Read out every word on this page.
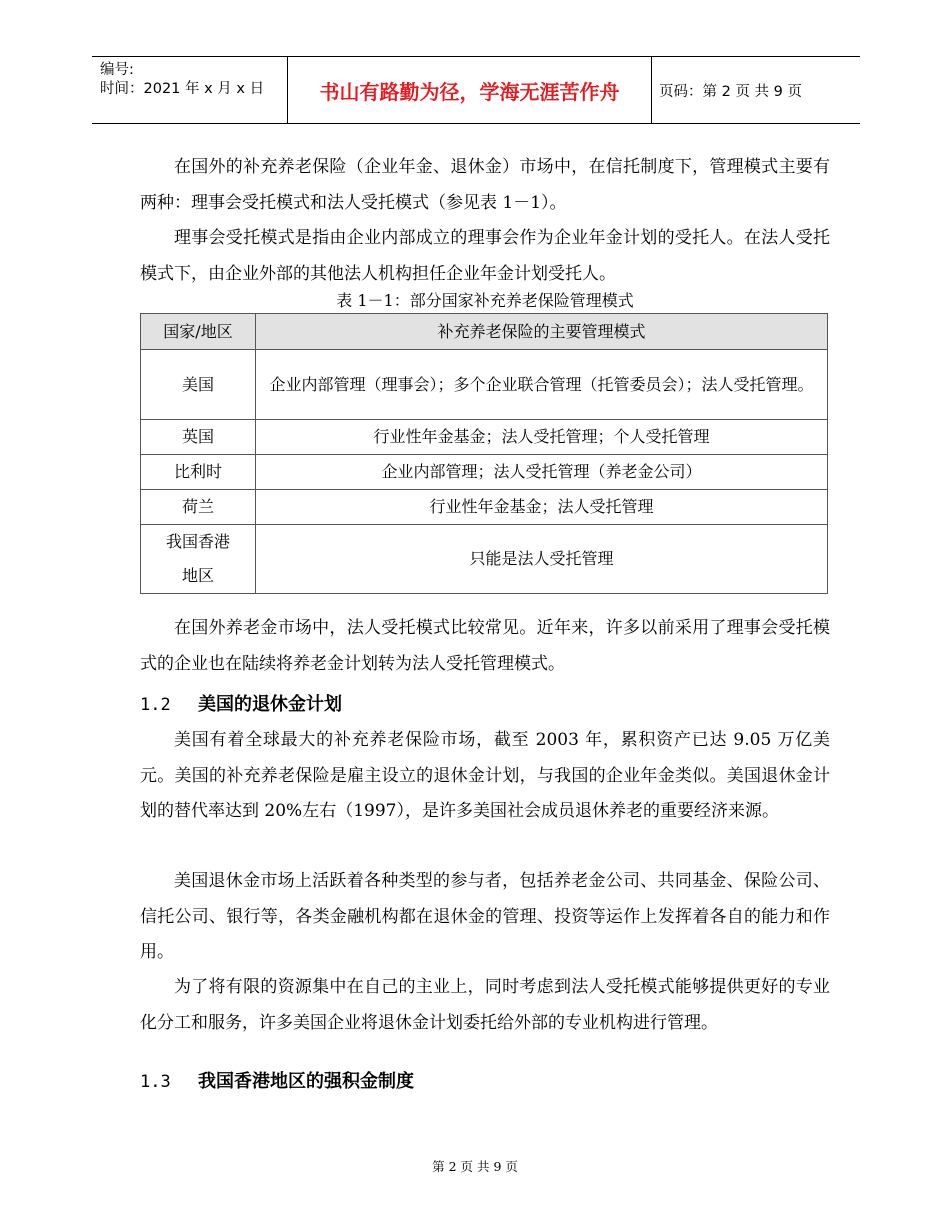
编号:
时间：2021 年 x 月 x 日	书山有路勤为径，学海无涯苦作舟	页码：第 2 页 共 9 页

在国外的补充养老保险（企业年金、退休金）市场中，在信托制度下，管理模式主要有两种：理事会受托模式和法人受托模式（参见表 1－1）。

理事会受托模式是指由企业内部成立的理事会作为企业年金计划的受托人。在法人受托模式下，由企业外部的其他法人机构担任企业年金计划受托人。

表 1－1：部分国家补充养老保险管理模式
国家/地区	补充养老保险的主要管理模式
美国	企业内部管理（理事会）；多个企业联合管理（托管委员会）；法人受托管理。
英国	行业性年金基金；法人受托管理；个人受托管理
比利时	企业内部管理；法人受托管理（养老金公司）
荷兰	行业性年金基金；法人受托管理
我国香港地区	只能是法人受托管理

在国外养老金市场中，法人受托模式比较常见。近年来，许多以前采用了理事会受托模式的企业也在陆续将养老金计划转为法人受托管理模式。

1.2 美国的退休金计划

美国有着全球最大的补充养老保险市场，截至 2003 年，累积资产已达 9.05 万亿美元。美国的补充养老保险是雇主设立的退休金计划，与我国的企业年金类似。美国退休金计划的替代率达到 20%左右（1997），是许多美国社会成员退休养老的重要经济来源。

美国退休金市场上活跃着各种类型的参与者，包括养老金公司、共同基金、保险公司、信托公司、银行等，各类金融机构都在退休金的管理、投资等运作上发挥着各自的能力和作用。

为了将有限的资源集中在自己的主业上，同时考虑到法人受托模式能够提供更好的专业化分工和服务，许多美国企业将退休金计划委托给外部的专业机构进行管理。

1.3 我国香港地区的强积金制度
第 2 页 共 9 页
